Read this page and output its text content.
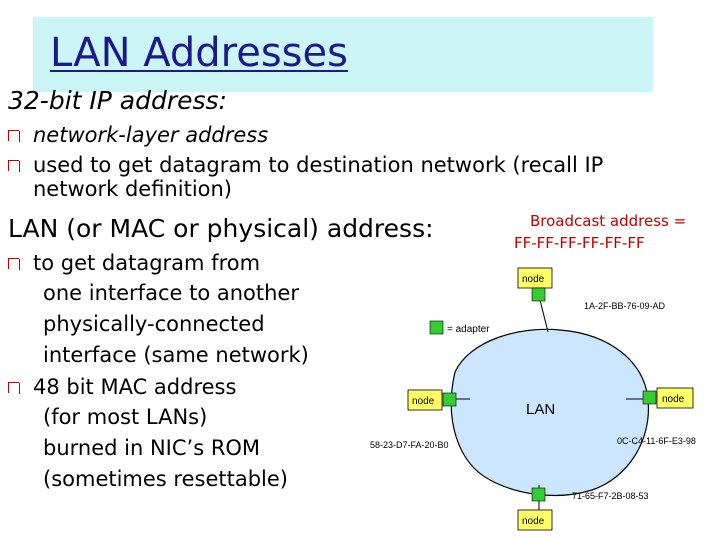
LAN Addresses
32-bit IP address:
network-layer address
used to get datagram to destination network (recall IP
network definition)
LAN (or MAC or physical) address:	Broadcast address =
FF-FF-FF-FF-FF-FF
to get datagram from
one interface to another
physically-connected
interface (same network)
48 bit MAC address
(for most LANs)
burned in NIC’s ROM
(sometimes resettable)
LAN
= adapter
node
1A-2F-BB-76-09-AD
node
58-23-D7-FA-20-B0
node
0C-C4-11-6F-E3-98
node
71-65-F7-2B-08-53
